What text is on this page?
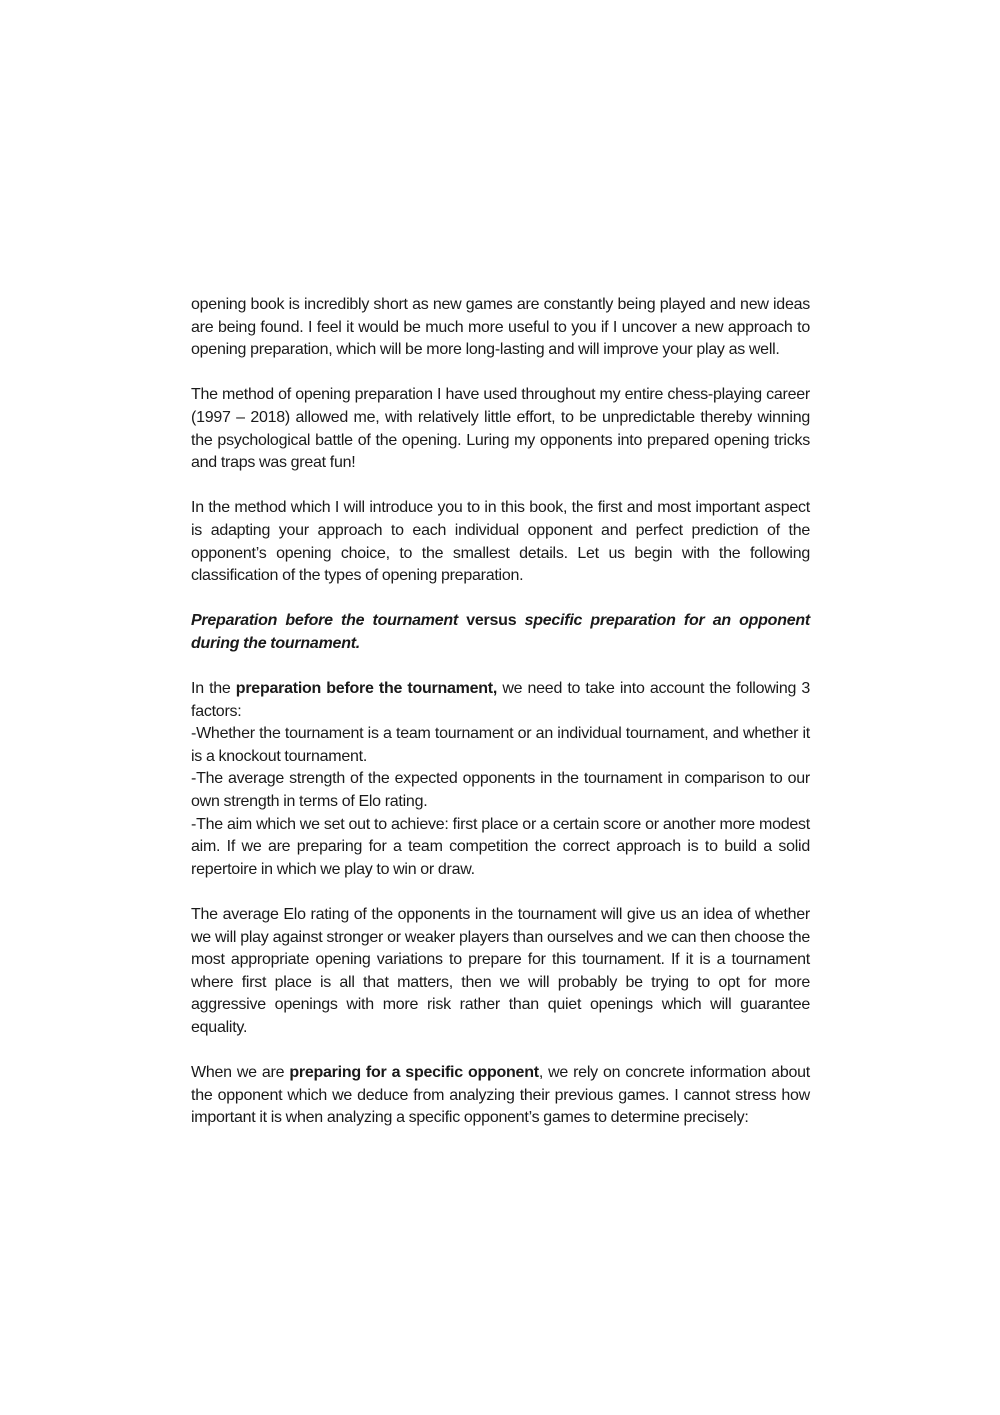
opening book is incredibly short as new games are constantly being played and new ideas are being found. I feel it would be much more useful to you if I uncover a new approach to opening preparation, which will be more long-lasting and will improve your play as well.

The method of opening preparation I have used throughout my entire chess-playing career (1997 – 2018) allowed me, with relatively little effort, to be unpredictable thereby winning the psychological battle of the opening. Luring my opponents into prepared opening tricks and traps was great fun!

In the method which I will introduce you to in this book, the first and most important aspect is adapting your approach to each individual opponent and perfect prediction of the opponent’s opening choice, to the smallest details. Let us begin with the following classification of the types of opening preparation.

Preparation before the tournament versus specific preparation for an opponent during the tournament.

In the preparation before the tournament, we need to take into account the following 3 factors:
-Whether the tournament is a team tournament or an individual tournament, and whether it is a knockout tournament.
-The average strength of the expected opponents in the tournament in comparison to our own strength in terms of Elo rating.
-The aim which we set out to achieve: first place or a certain score or another more modest aim. If we are preparing for a team competition the correct approach is to build a solid repertoire in which we play to win or draw.

The average Elo rating of the opponents in the tournament will give us an idea of whether we will play against stronger or weaker players than ourselves and we can then choose the most appropriate opening variations to prepare for this tournament. If it is a tournament where first place is all that matters, then we will probably be trying to opt for more aggressive openings with more risk rather than quiet openings which will guarantee equality.

When we are preparing for a specific opponent, we rely on concrete information about the opponent which we deduce from analyzing their previous games. I cannot stress how important it is when analyzing a specific opponent’s games to determine precisely:
